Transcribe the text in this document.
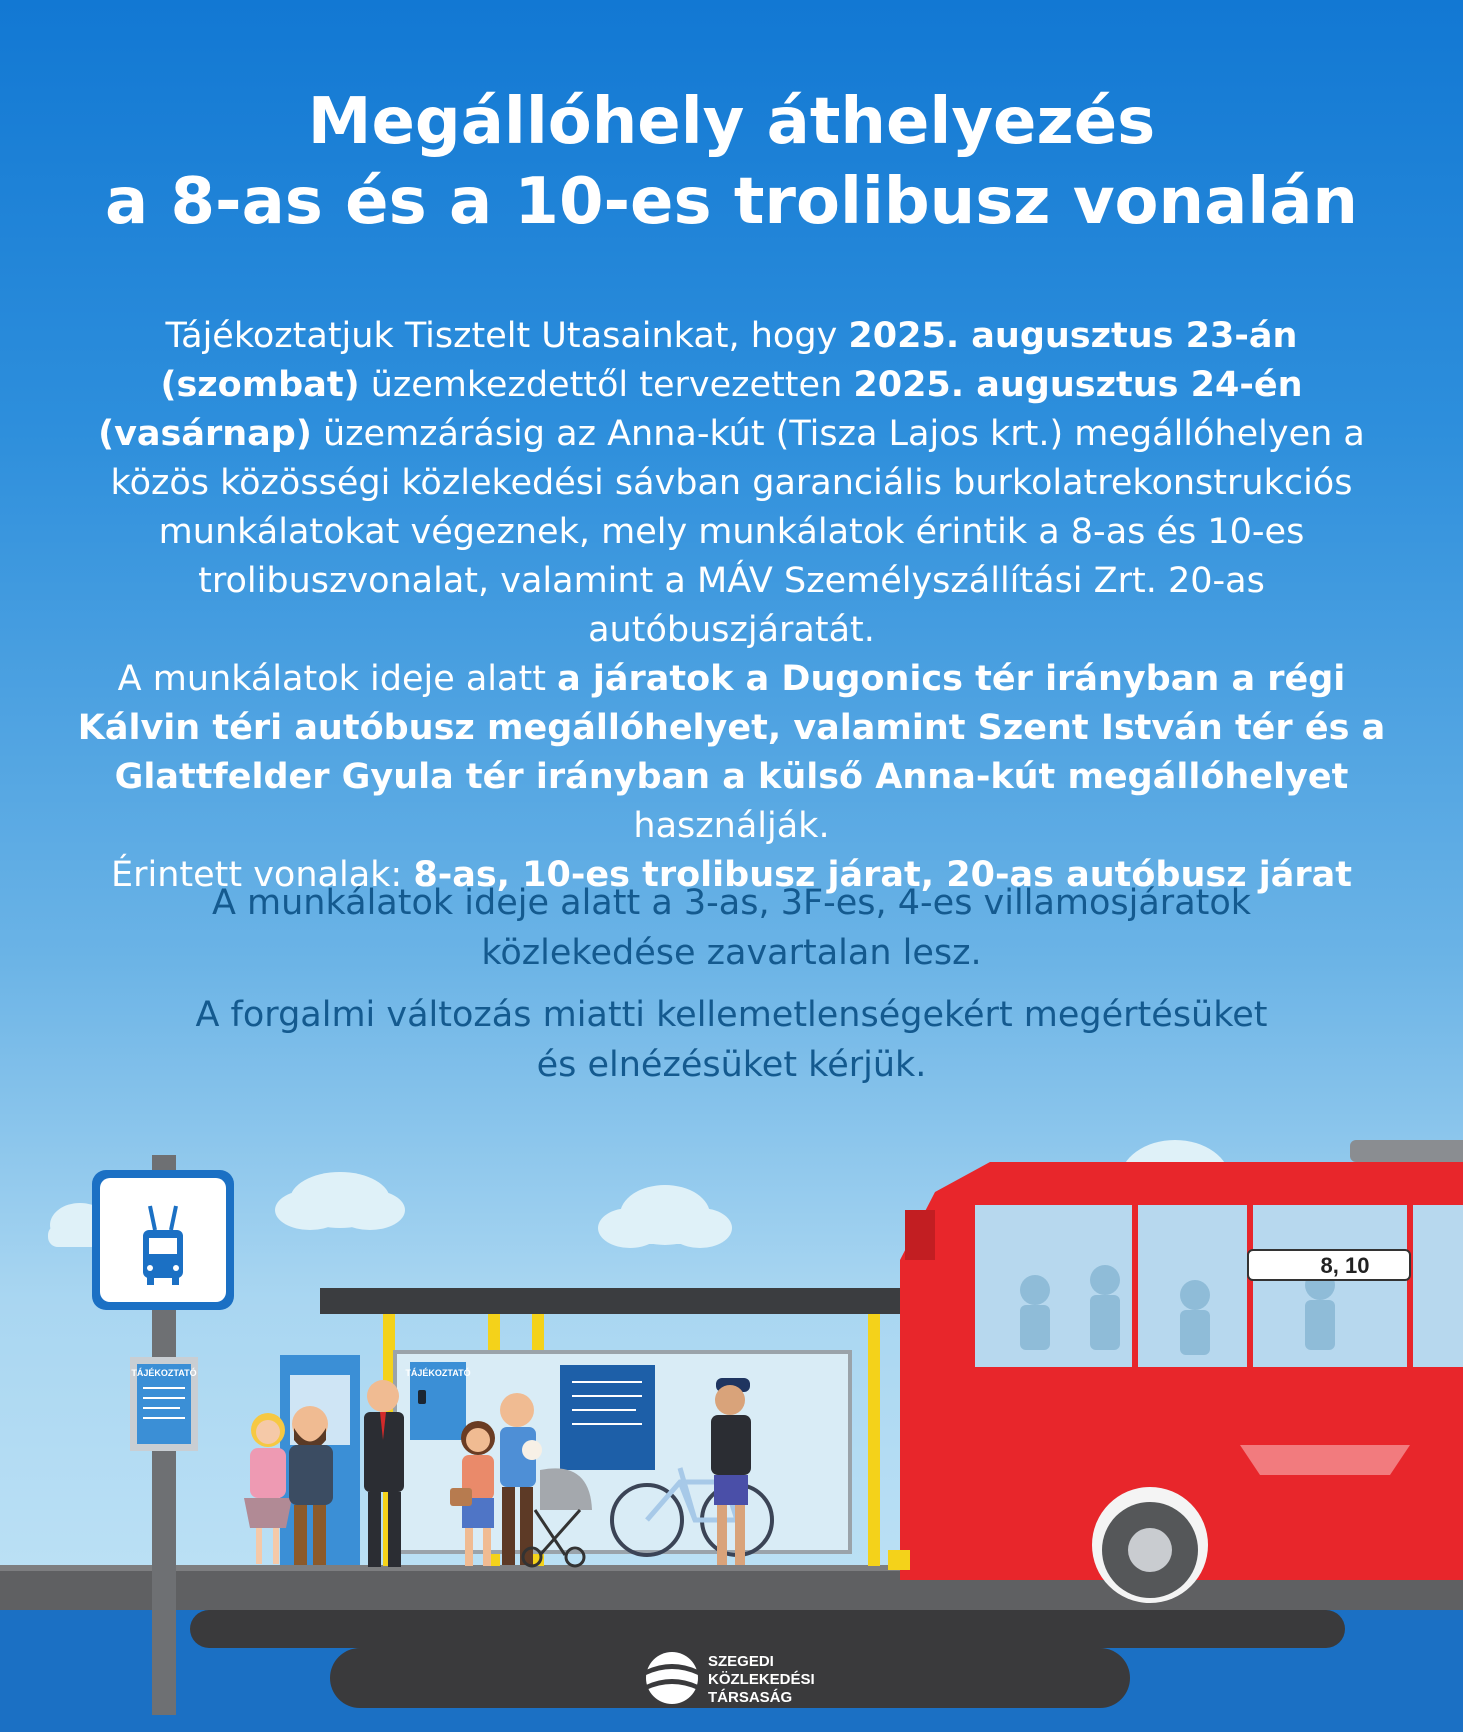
Megállóhely áthelyezés
a 8-as és a 10-es trolibusz vonalán
Tájékoztatjuk Tisztelt Utasainkat, hogy 2025. augusztus 23-án (szombat) üzemkezdettől tervezetten 2025. augusztus 24-én (vasárnap) üzemzárásig az Anna-kút (Tisza Lajos krt.) megállóhelyen a közös közösségi közlekedési sávban garanciális burkolatrekonstrukciós munkálatokat végeznek, mely munkálatok érintik a 8-as és 10-es trolibuszvonalat, valamint a MÁV Személyszállítási Zrt. 20-as autóbuszjáratát.
A munkálatok ideje alatt a járatok a Dugonics tér irányban a régi Kálvin téri autóbusz megállóhelyet, valamint Szent István tér és a Glattfelder Gyula tér irányban a külső Anna-kút megállóhelyet használják.
Érintett vonalak: 8-as, 10-es trolibusz járat, 20-as autóbusz járat
A munkálatok ideje alatt a 3-as, 3F-es, 4-es villamosjáratok
közlekedése zavartalan lesz.
A forgalmi változás miatti kellemetlenségekért megértésüket
és elnézésüket kérjük.
TÁJÉKOZTATÓ	TÁJÉKOZTATÓ
8, 10
SZEGEDI
KÖZLEKEDÉSI
TÁRSASÁG
